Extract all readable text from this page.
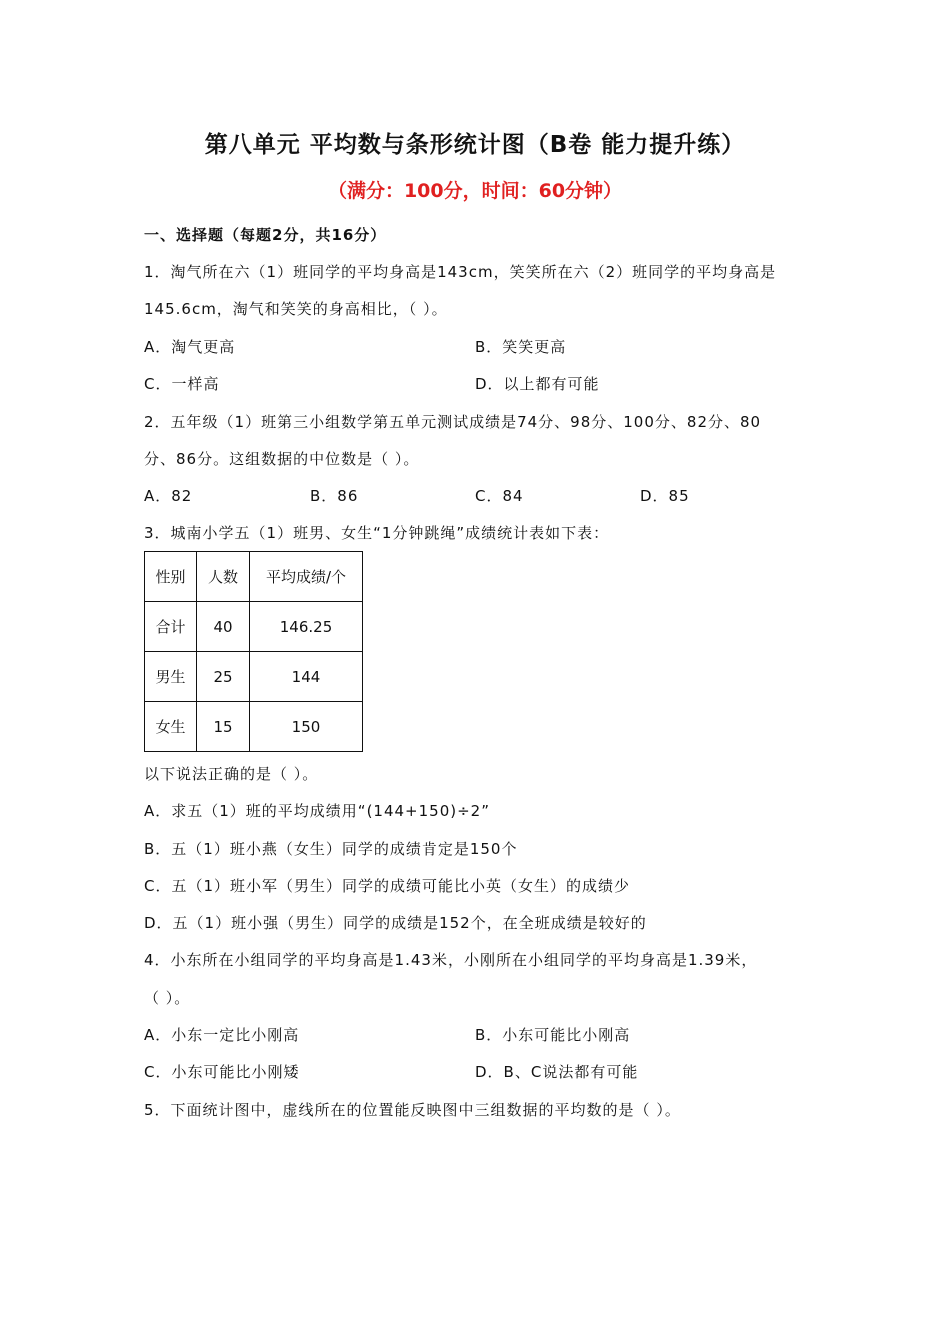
第八单元 平均数与条形统计图（B卷 能力提升练）
（满分：100分，时间：60分钟）
一、选择题（每题2分，共16分）
1．淘气所在六（1）班同学的平均身高是143cm，笑笑所在六（2）班同学的平均身高是
145.6cm，淘气和笑笑的身高相比，（ ）。
A．淘气更高	B．笑笑更高
C．一样高	D．以上都有可能
2．五年级（1）班第三小组数学第五单元测试成绩是74分、98分、100分、82分、80
分、86分。这组数据的中位数是（ ）。
A．82	B．86	C．84	D．85
3．城南小学五（1）班男、女生“1分钟跳绳”成绩统计表如下表：
性别	人数	平均成绩/个
合计	40	146.25
男生	25	144
女生	15	150
以下说法正确的是（ ）。
A．求五（1）班的平均成绩用“(144+150)÷2”
B．五（1）班小燕（女生）同学的成绩肯定是150个
C．五（1）班小军（男生）同学的成绩可能比小英（女生）的成绩少
D．五（1）班小强（男生）同学的成绩是152个，在全班成绩是较好的
4．小东所在小组同学的平均身高是1.43米，小刚所在小组同学的平均身高是1.39米，
（ ）。
A．小东一定比小刚高	B．小东可能比小刚高
C．小东可能比小刚矮	D．B、C说法都有可能
5．下面统计图中，虚线所在的位置能反映图中三组数据的平均数的是（ ）。
